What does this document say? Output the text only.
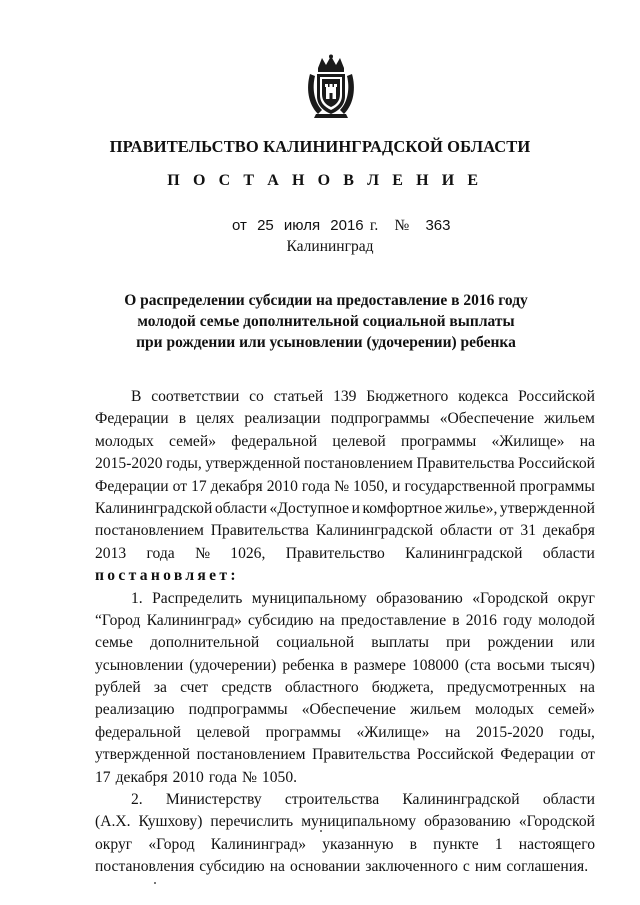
ПРАВИТЕЛЬСТВО КАЛИНИНГРАДСКОЙ ОБЛАСТИ
П О С Т А Н О В Л Е Н И Е
от 25 июля 2016 г. № 363
Калининград
О распределении субсидии на предоставление в 2016 году
молодой семье дополнительной социальной выплаты
при рождении или усыновлении (удочерении) ребенка
В соответствии со статьей 139 Бюджетного кодекса Российской
Федерации в целях реализации подпрограммы «Обеспечение жильем
молодых семей» федеральной целевой программы «Жилище» на
2015-2020 годы, утвержденной постановлением Правительства Российской
Федерации от 17 декабря 2010 года № 1050, и государственной программы
Калининградской области «Доступное и комфортное жилье», утвержденной
постановлением Правительства Калининградской области от 31 декабря
2013 года № 1026, Правительство Калининградской области
постановляет:
1. Распределить муниципальному образованию «Городской округ
“Город Калининград» субсидию на предоставление в 2016 году молодой
семье дополнительной социальной выплаты при рождении или
усыновлении (удочерении) ребенка в размере 108000 (ста восьми тысяч)
рублей за счет средств областного бюджета, предусмотренных на
реализацию подпрограммы «Обеспечение жильем молодых семей»
федеральной целевой программы «Жилище» на 2015-2020 годы,
утвержденной постановлением Правительства Российской Федерации от
17 декабря 2010 года № 1050.
2. Министерству строительства Калининградской области
(А.Х. Кушхову) перечислить муниципальному образованию «Городской
округ «Город Калининград» указанную в пункте 1 настоящего
постановления субсидию на основании заключенного с ним соглашения.
